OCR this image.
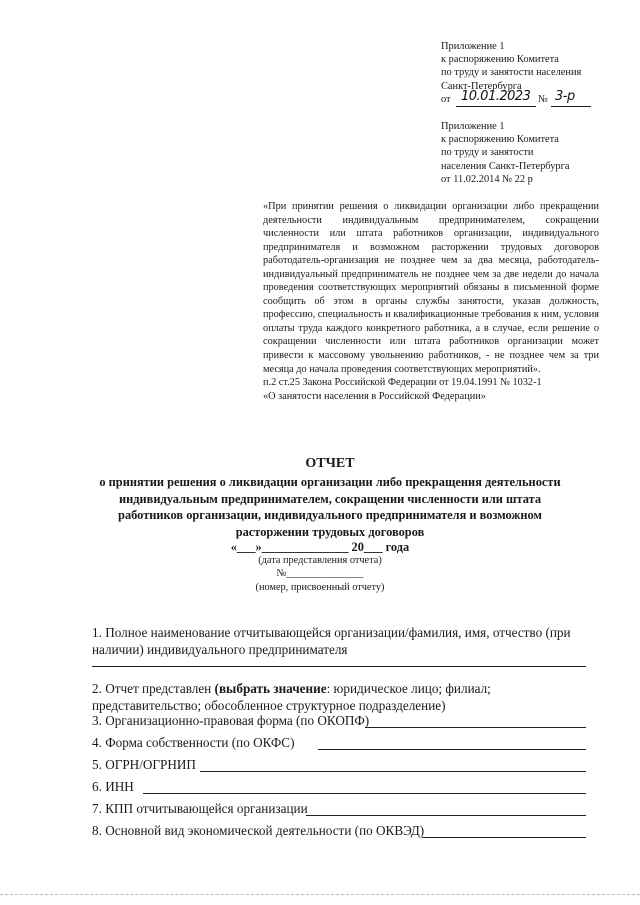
Приложение 1
к распоряжению Комитета
по труду и занятости населения
Санкт-Петербурга
от 10.01.2023 № 3-р
Приложение 1
к распоряжению Комитета
по труду и занятости
населения Санкт-Петербурга
от 11.02.2014 № 22 р

«При принятии решения о ликвидации организации либо прекращении деятельности индивидуальным предпринимателем, сокращении численности или штата работников организации, индивидуального предпринимателя и возможном расторжении трудовых договоров работодатель-организация не позднее чем за два месяца, работодатель- индивидуальный предприниматель не позднее чем за две недели до начала проведения соответствующих мероприятий обязаны в письменной форме сообщить об этом в органы службы занятости, указав должность, профессию, специальность и квалификационные требования к ним, условия оплаты труда каждого конкретного работника, а в случае, если решение о сокращении численности или штата работников организации может привести к массовому увольнению работников, - не позднее чем за три месяца до начала проведения соответствующих мероприятий».

п.2 ст.25 Закона Российской Федерации от 19.04.1991 № 1032-1
«О занятости населения в Российской Федерации»
ОТЧЕТ
о принятии решения о ликвидации организации либо прекращения деятельности
индивидуальным предпринимателем, сокращении численности или штата
работников организации, индивидуального предпринимателя и возможном
расторжении трудовых договоров
«___»______________ 20___ года
(дата представления отчета)
№_______________
(номер, присвоенный отчету)
1. Полное наименование отчитывающейся организации/фамилия, имя, отчество (при наличии) индивидуального предпринимателя
2. Отчет представлен (выбрать значение: юридическое лицо; филиал; представительство; обособленное структурное подразделение)
3. Организационно-правовая форма (по ОКОПФ)
4. Форма собственности (по ОКФС)
5. ОГРН/ОГРНИП
6. ИНН
7. КПП отчитывающейся организации
8. Основной вид экономической деятельности (по ОКВЭД)
